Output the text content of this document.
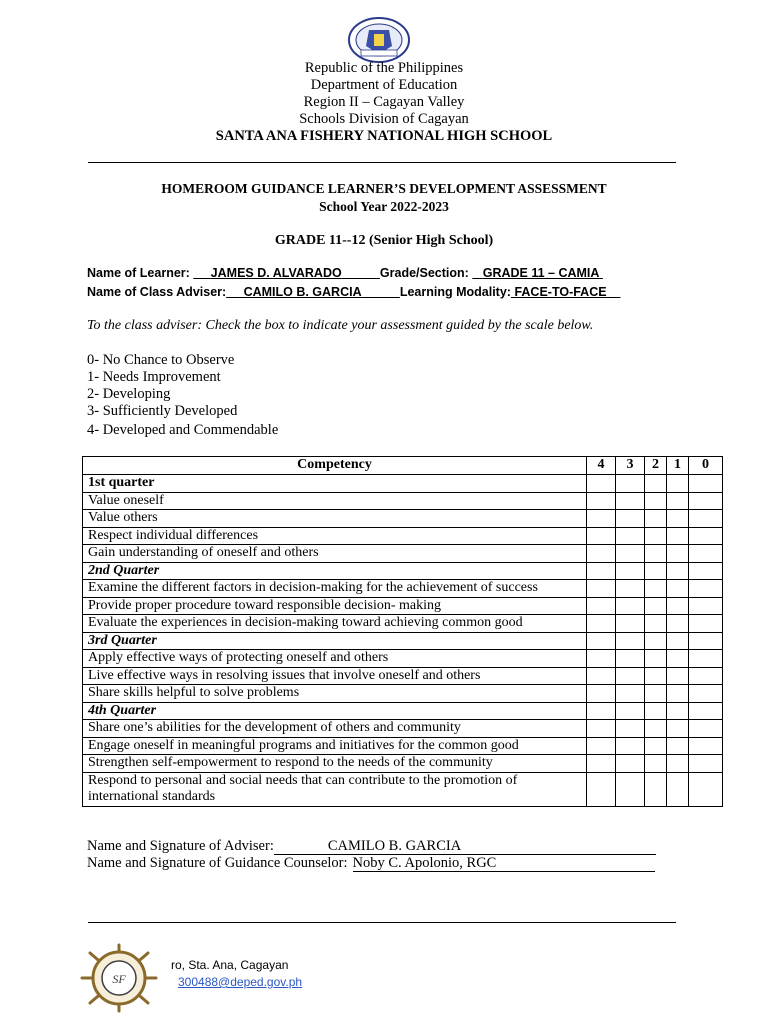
Republic of the Philippines
Department of Education
Region II – Cagayan Valley
Schools Division of Cagayan
SANTA ANA FISHERY NATIONAL HIGH SCHOOL
HOMEROOM GUIDANCE LEARNER’S DEVELOPMENT ASSESSMENT
School Year 2022-2023
GRADE 11--12 (Senior High School)
Name of Learner: JAMES D. ALVARADO	Grade/Section: GRADE 11 – CAMIA
Name of Class Adviser: CAMILO B. GARCIA	Learning Modality: FACE-TO-FACE
To the class adviser: Check the box to indicate your assessment guided by the scale below.
0- No Chance to Observe
1- Needs Improvement
2- Developing
3- Sufficiently Developed
4- Developed and Commendable
Competency	4	3	2	1	0
1st quarter					
Value oneself					
Value others					
Respect individual differences					
Gain understanding of oneself and others					
2nd Quarter					
Examine the different factors in decision-making for the achievement of success					
Provide proper procedure toward responsible decision- making					
Evaluate the experiences in decision-making toward achieving common good					
3rd Quarter					
Apply effective ways of protecting oneself and others					
Live effective ways in resolving issues that involve oneself and others					
Share skills helpful to solve problems					
4th Quarter					
Share one’s abilities for the development of others and community					
Engage oneself in meaningful programs and initiatives for the common good					
Strengthen self-empowerment to respond to the needs of the community					
Respond to personal and social needs that can contribute to the promotion of international standards					
Name and Signature of Adviser:	CAMILO B. GARCIA
Name and Signature of Guidance Counselor: Noby C. Apolonio, RGC
SF
ro, Sta. Ana, Cagayan
300488@deped.gov.ph
